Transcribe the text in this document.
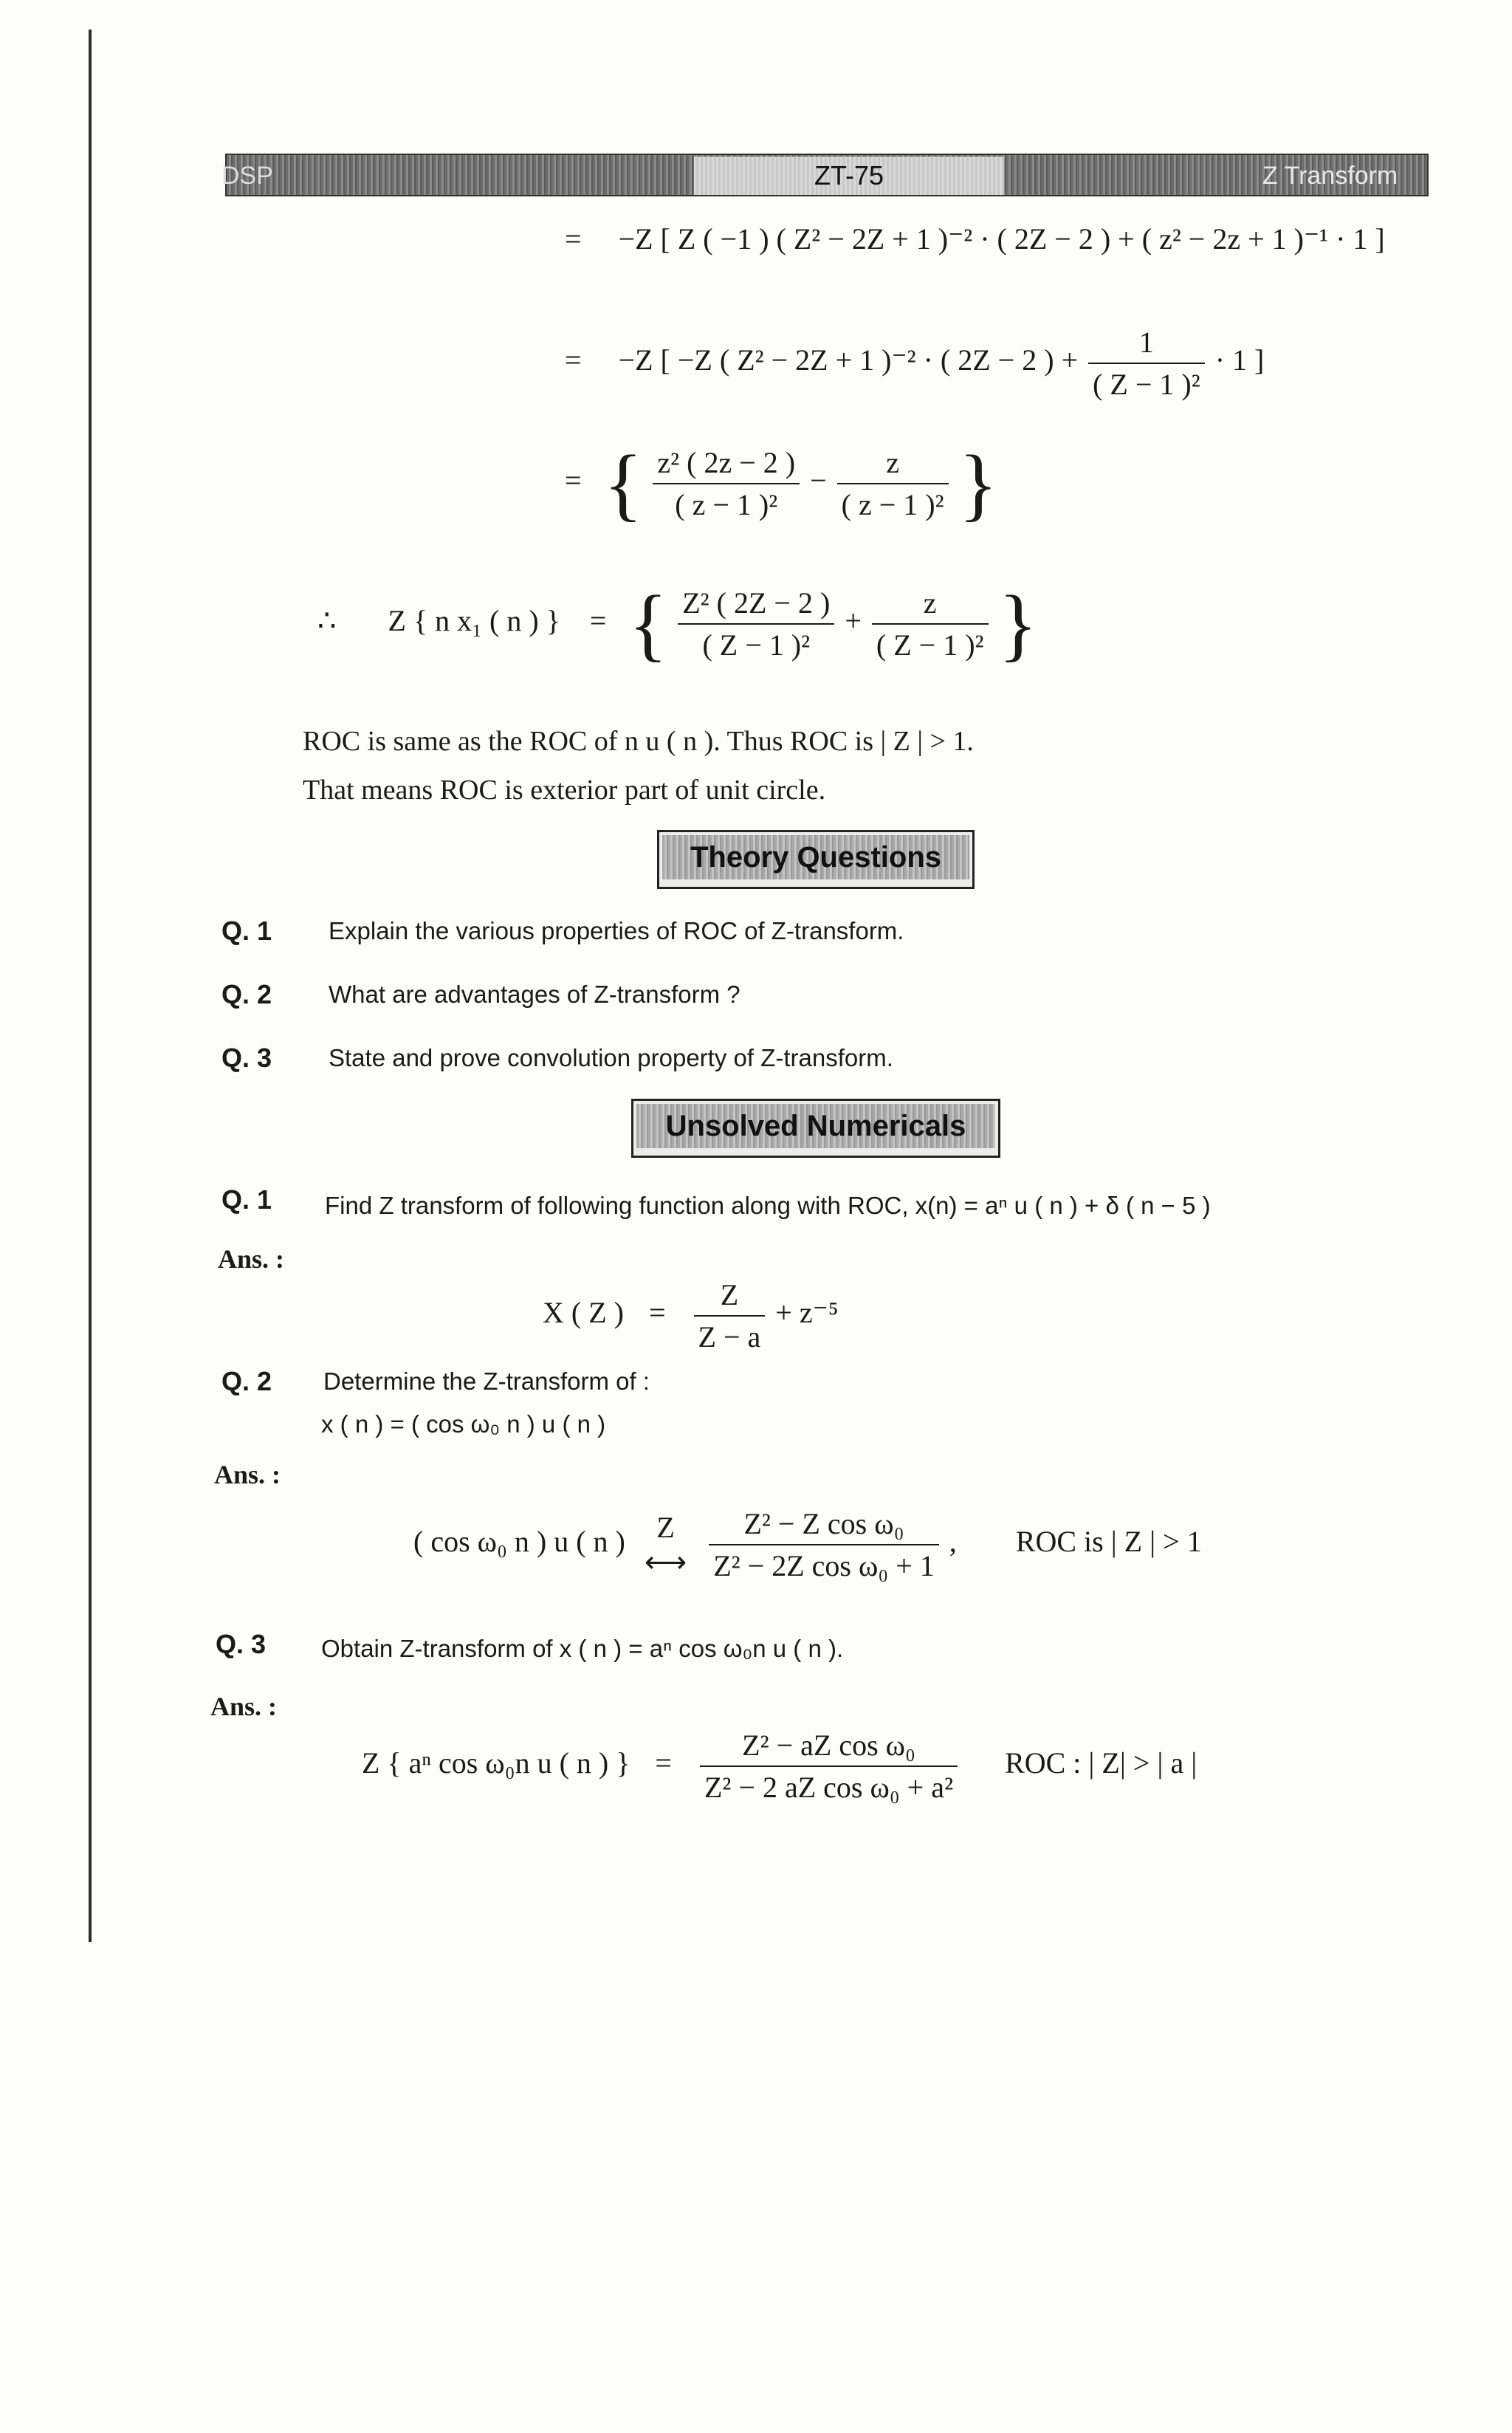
DSP	ZT-75	Z Transform
= −Z [ Z ( −1 ) ( Z² − 2Z + 1 )⁻² · ( 2Z − 2 ) + ( z² − 2z + 1 )⁻¹ · 1 ]
= −Z [ −Z ( Z² − 2Z + 1 )⁻² · ( 2Z − 2 ) + $\frac{1}{\text{( Z − 1 )²}} \cdot 1$ ]
= { $\frac{\text{z² ( 2z − 2 )}}{\text{( z − 1 )²}} - \frac{z}{\text{( z − 1 )²}}$ }
∴ Z { n x₁ ( n ) } = { $\frac{\text{Z² ( 2Z − 2 )}}{\text{( Z − 1 )²}} + \frac{z}{\text{( Z − 1 )²}}$ }
ROC is same as the ROC of n u ( n ). Thus ROC is | Z | > 1.
That means ROC is exterior part of unit circle.
Theory Questions
Q. 1 Explain the various properties of ROC of Z-transform.
Q. 2 What are advantages of Z-transform ?
Q. 3 State and prove convolution property of Z-transform.
Unsolved Numericals
Q. 1 Find Z transform of following function along with ROC, x(n) = aⁿ u ( n ) + δ ( n − 5 )
Ans. :
X ( Z ) = $\frac{Z}{Z - a} + z^{-5}$
Q. 2 Determine the Z-transform of :
x ( n ) = ( cos ω₀ n ) u ( n )
Ans. :
( cos ω₀ n ) u ( n )	Z
⟷
$\frac{\text{Z² − Z cos ω₀}}{\text{Z² − 2Z cos ω₀ + 1}}$ , ROC is | Z | > 1
Q. 3 Obtain Z-transform of x ( n ) = aⁿ cos ω₀n u ( n ).
Ans. :
Z { aⁿ cos ω₀n u ( n ) } = $\frac{\text{Z² − aZ cos ω₀}}{\text{Z² − 2 aZ cos ω₀ + a²}}$ ROC : | Z| > | a |
